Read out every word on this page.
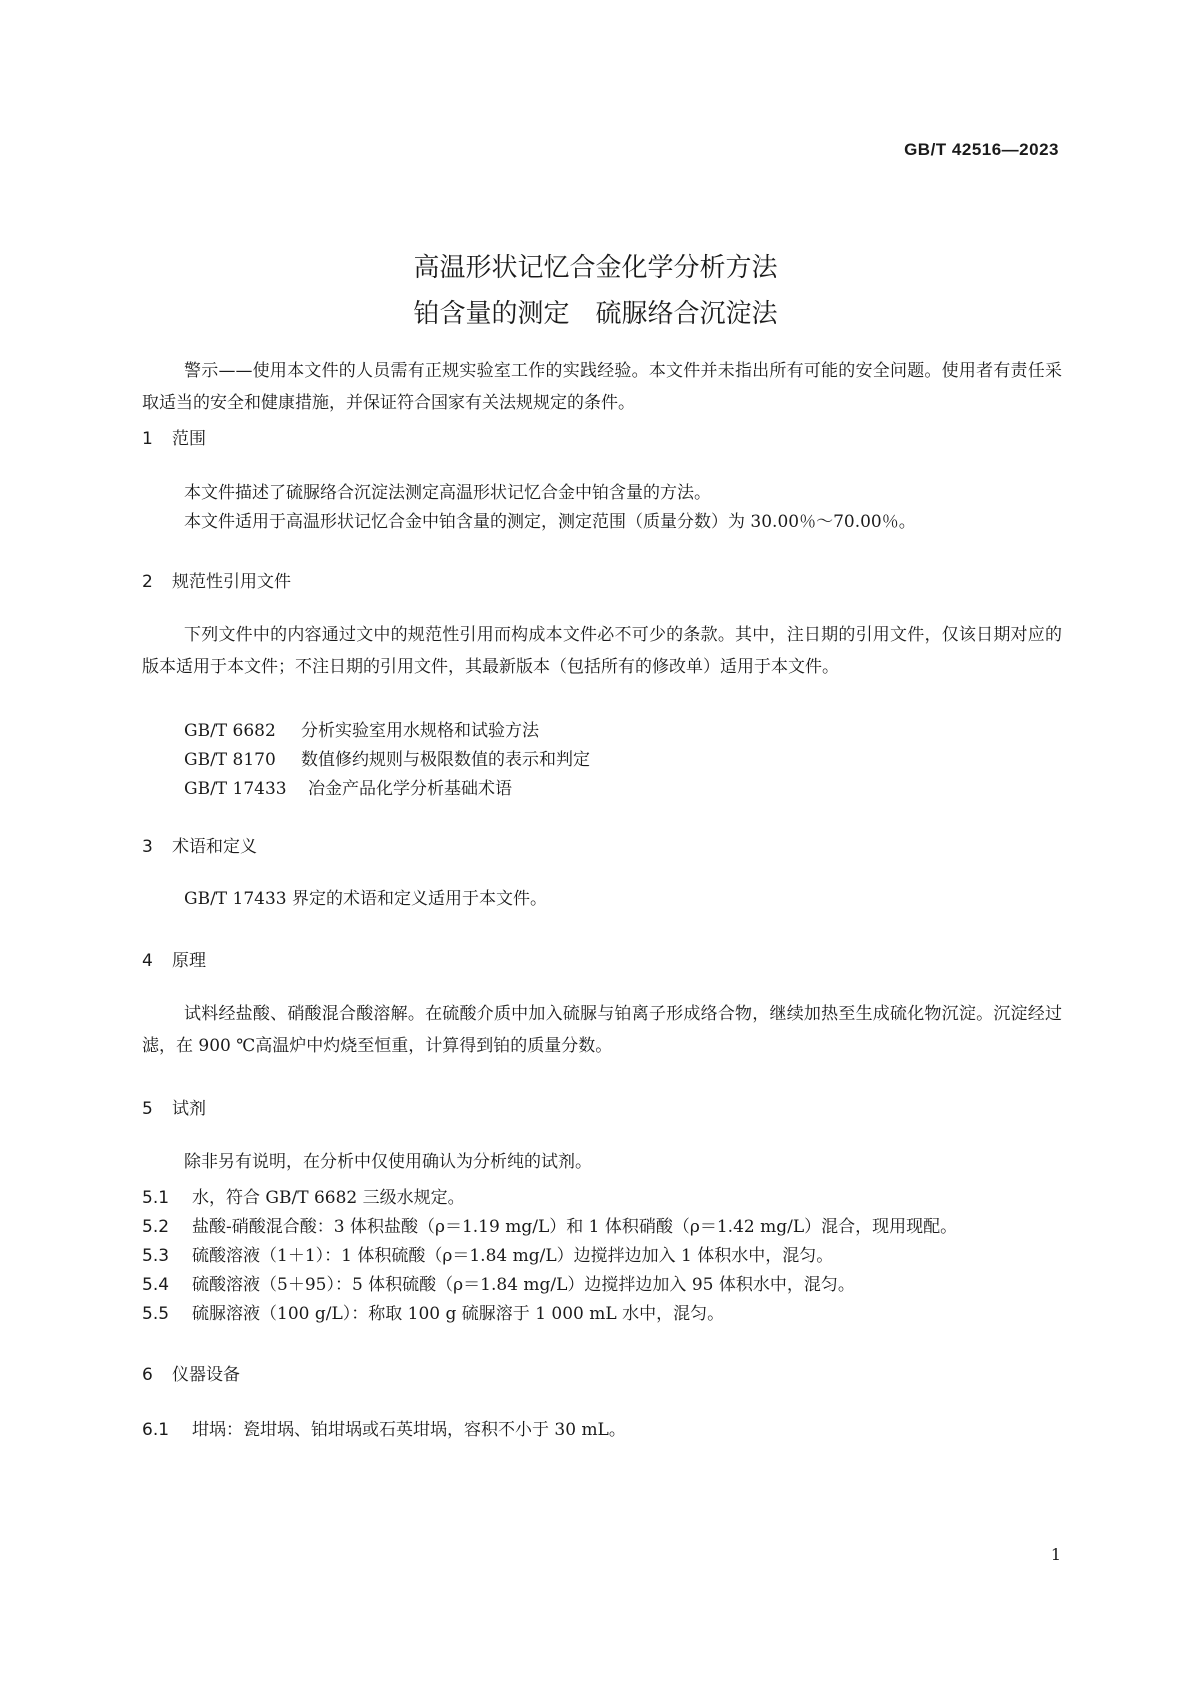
GB/T 42516—2023
高温形状记忆合金化学分析方法
铂含量的测定　硫脲络合沉淀法
警示——使用本文件的人员需有正规实验室工作的实践经验。本文件并未指出所有可能的安全问题。使用者有责任采取适当的安全和健康措施，并保证符合国家有关法规规定的条件。
1 范围
本文件描述了硫脲络合沉淀法测定高温形状记忆合金中铂含量的方法。
本文件适用于高温形状记忆合金中铂含量的测定，测定范围（质量分数）为 30.00％～70.00％。
2 规范性引用文件
下列文件中的内容通过文中的规范性引用而构成本文件必不可少的条款。其中，注日期的引用文件，仅该日期对应的版本适用于本文件；不注日期的引用文件，其最新版本（包括所有的修改单）适用于本文件。
GB/T 6682 分析实验室用水规格和试验方法
GB/T 8170 数值修约规则与极限数值的表示和判定
GB/T 17433 冶金产品化学分析基础术语
3 术语和定义
GB/T 17433 界定的术语和定义适用于本文件。
4 原理
试料经盐酸、硝酸混合酸溶解。在硫酸介质中加入硫脲与铂离子形成络合物，继续加热至生成硫化物沉淀。沉淀经过滤，在 900 ℃高温炉中灼烧至恒重，计算得到铂的质量分数。
5 试剂
除非另有说明，在分析中仅使用确认为分析纯的试剂。
5.1 水，符合 GB/T 6682 三级水规定。
5.2 盐酸-硝酸混合酸：3 体积盐酸（ρ＝1.19 mg/L）和 1 体积硝酸（ρ＝1.42 mg/L）混合，现用现配。
5.3 硫酸溶液（1＋1）：1 体积硫酸（ρ＝1.84 mg/L）边搅拌边加入 1 体积水中，混匀。
5.4 硫酸溶液（5＋95）：5 体积硫酸（ρ＝1.84 mg/L）边搅拌边加入 95 体积水中，混匀。
5.5 硫脲溶液（100 g/L）：称取 100 g 硫脲溶于 1 000 mL 水中，混匀。
6 仪器设备
6.1 坩埚：瓷坩埚、铂坩埚或石英坩埚，容积不小于 30 mL。
1
